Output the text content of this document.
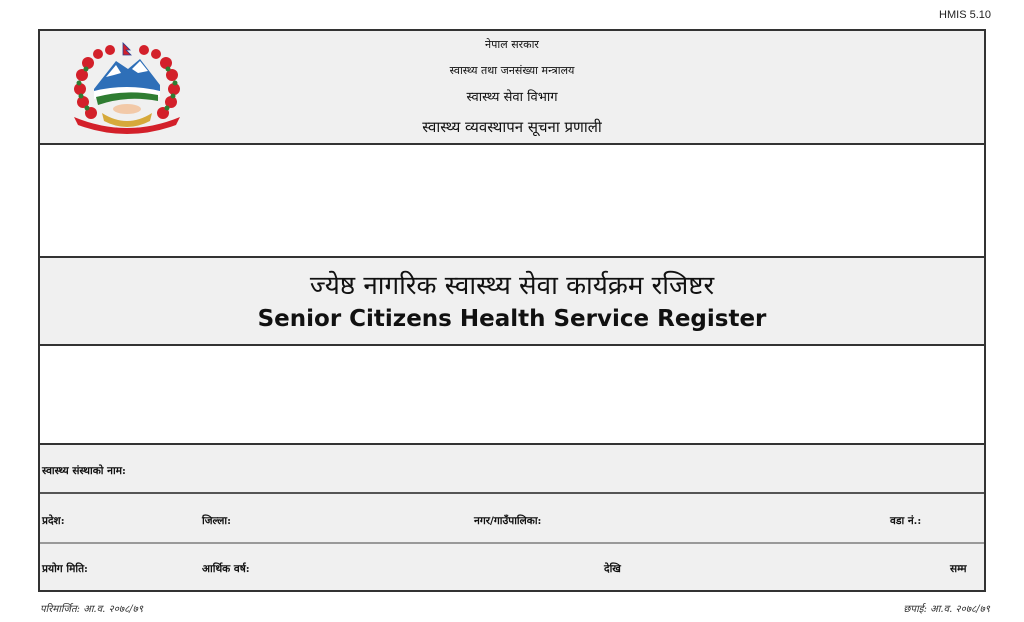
HMIS 5.10
नेपाल सरकार
स्वास्थ्य तथा जनसंख्या मन्त्रालय
स्वास्थ्य सेवा विभाग
स्वास्थ्य व्यवस्थापन सूचना प्रणाली
ज्येष्ठ नागरिक स्वास्थ्य सेवा कार्यक्रम रजिष्टर
Senior Citizens Health Service Register
स्वास्थ्य संस्थाको नाम:
प्रदेश:	जिल्ला:	नगर/गाउँपालिका:	वडा नं.:
प्रयोग मिति:	आर्थिक वर्ष:	देखि	सम्म
परिमार्जित: आ.व. २०७८/७९	छपाई: आ.व. २०७८/७९
